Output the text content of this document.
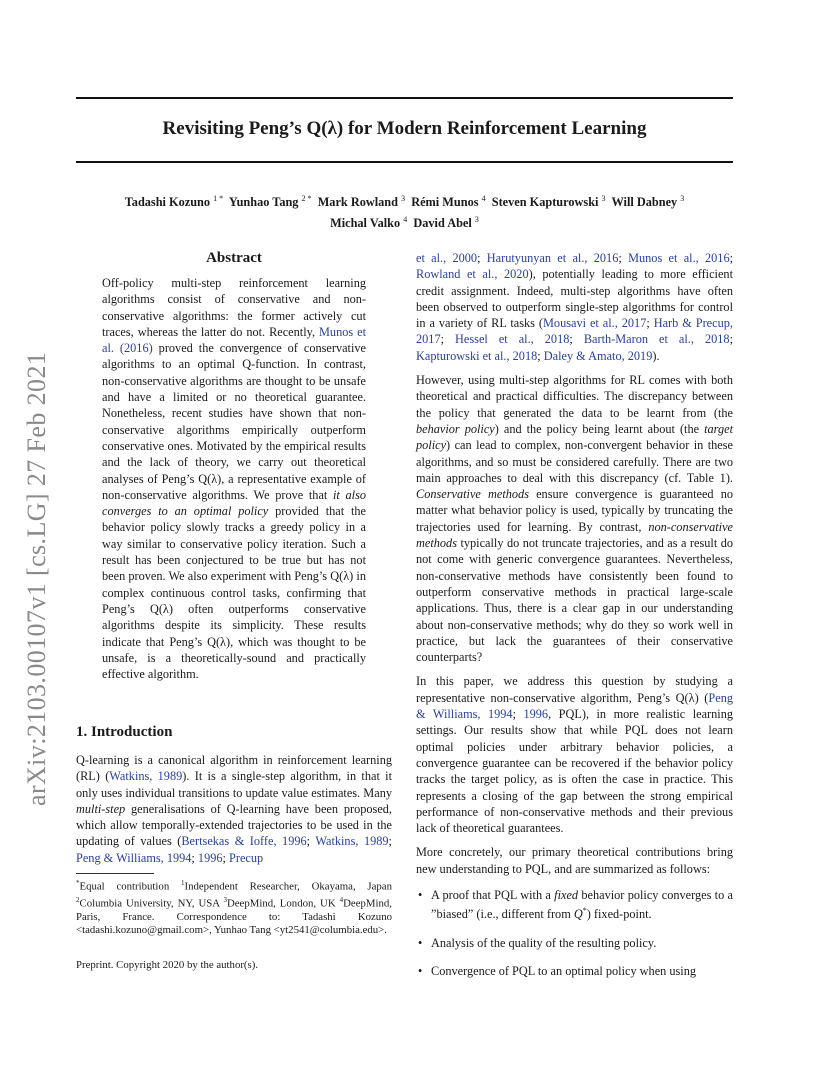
Revisiting Peng’s Q(λ) for Modern Reinforcement Learning
Tadashi Kozuno $^{1 *}$ Yunhao Tang $^{2 *}$ Mark Rowland $^3$ Rémi Munos $^4$ Steven Kapturowski $^3$ Will Dabney $^3$
Michal Valko $^4$ David Abel $^3$
arXiv:2103.00107v1 [cs.LG] 27 Feb 2021
Abstract
Off-policy multi-step reinforcement learning algorithms consist of conservative and non-conservative algorithms: the former actively cut traces, whereas the latter do not. Recently, Munos et al. (2016) proved the convergence of conservative algorithms to an optimal Q-function. In contrast, non-conservative algorithms are thought to be unsafe and have a limited or no theoretical guarantee. Nonetheless, recent studies have shown that non-conservative algorithms empirically outperform conservative ones. Motivated by the empirical results and the lack of theory, we carry out theoretical analyses of Peng’s Q(λ), a representative example of non-conservative algorithms. We prove that it also converges to an optimal policy provided that the behavior policy slowly tracks a greedy policy in a way similar to conservative policy iteration. Such a result has been conjectured to be true but has not been proven. We also experiment with Peng’s Q(λ) in complex continuous control tasks, confirming that Peng’s Q(λ) often outperforms conservative algorithms despite its simplicity. These results indicate that Peng’s Q(λ), which was thought to be unsafe, is a theoretically-sound and practically effective algorithm.
1. Introduction
Q-learning is a canonical algorithm in reinforcement learning (RL) (Watkins, 1989). It is a single-step algorithm, in that it only uses individual transitions to update value estimates. Many multi-step generalisations of Q-learning have been proposed, which allow temporally-extended trajectories to be used in the updating of values (Bertsekas & Ioffe, 1996; Watkins, 1989; Peng & Williams, 1994; 1996; Precup
*Equal contribution $^1$Independent Researcher, Okayama, Japan $^2$Columbia University, NY, USA $^3$DeepMind, London, UK $^4$DeepMind, Paris, France. Correspondence to: Tadashi Kozuno <tadashi.kozuno@gmail.com>, Yunhao Tang <yt2541@columbia.edu>.
Preprint. Copyright 2020 by the author(s).

et al., 2000; Harutyunyan et al., 2016; Munos et al., 2016; Rowland et al., 2020), potentially leading to more efficient credit assignment. Indeed, multi-step algorithms have often been observed to outperform single-step algorithms for control in a variety of RL tasks (Mousavi et al., 2017; Harb & Precup, 2017; Hessel et al., 2018; Barth-Maron et al., 2018; Kapturowski et al., 2018; Daley & Amato, 2019).

However, using multi-step algorithms for RL comes with both theoretical and practical difficulties. The discrepancy between the policy that generated the data to be learnt from (the behavior policy) and the policy being learnt about (the target policy) can lead to complex, non-convergent behavior in these algorithms, and so must be considered carefully. There are two main approaches to deal with this discrepancy (cf. Table 1). Conservative methods ensure convergence is guaranteed no matter what behavior policy is used, typically by truncating the trajectories used for learning. By contrast, non-conservative methods typically do not truncate trajectories, and as a result do not come with generic convergence guarantees. Nevertheless, non-conservative methods have consistently been found to outperform conservative methods in practical large-scale applications. Thus, there is a clear gap in our understanding about non-conservative methods; why do they so work well in practice, but lack the guarantees of their conservative counterparts?

In this paper, we address this question by studying a representative non-conservative algorithm, Peng’s Q(λ) (Peng & Williams, 1994; 1996, PQL), in more realistic learning settings. Our results show that while PQL does not learn optimal policies under arbitrary behavior policies, a convergence guarantee can be recovered if the behavior policy tracks the target policy, as is often the case in practice. This represents a closing of the gap between the strong empirical performance of non-conservative methods and their previous lack of theoretical guarantees.

More concretely, our primary theoretical contributions bring new understanding to PQL, and are summarized as follows:

• A proof that PQL with a fixed behavior policy converges to a ”biased” (i.e., different from Q*) fixed-point.
• Analysis of the quality of the resulting policy.
• Convergence of PQL to an optimal policy when using
